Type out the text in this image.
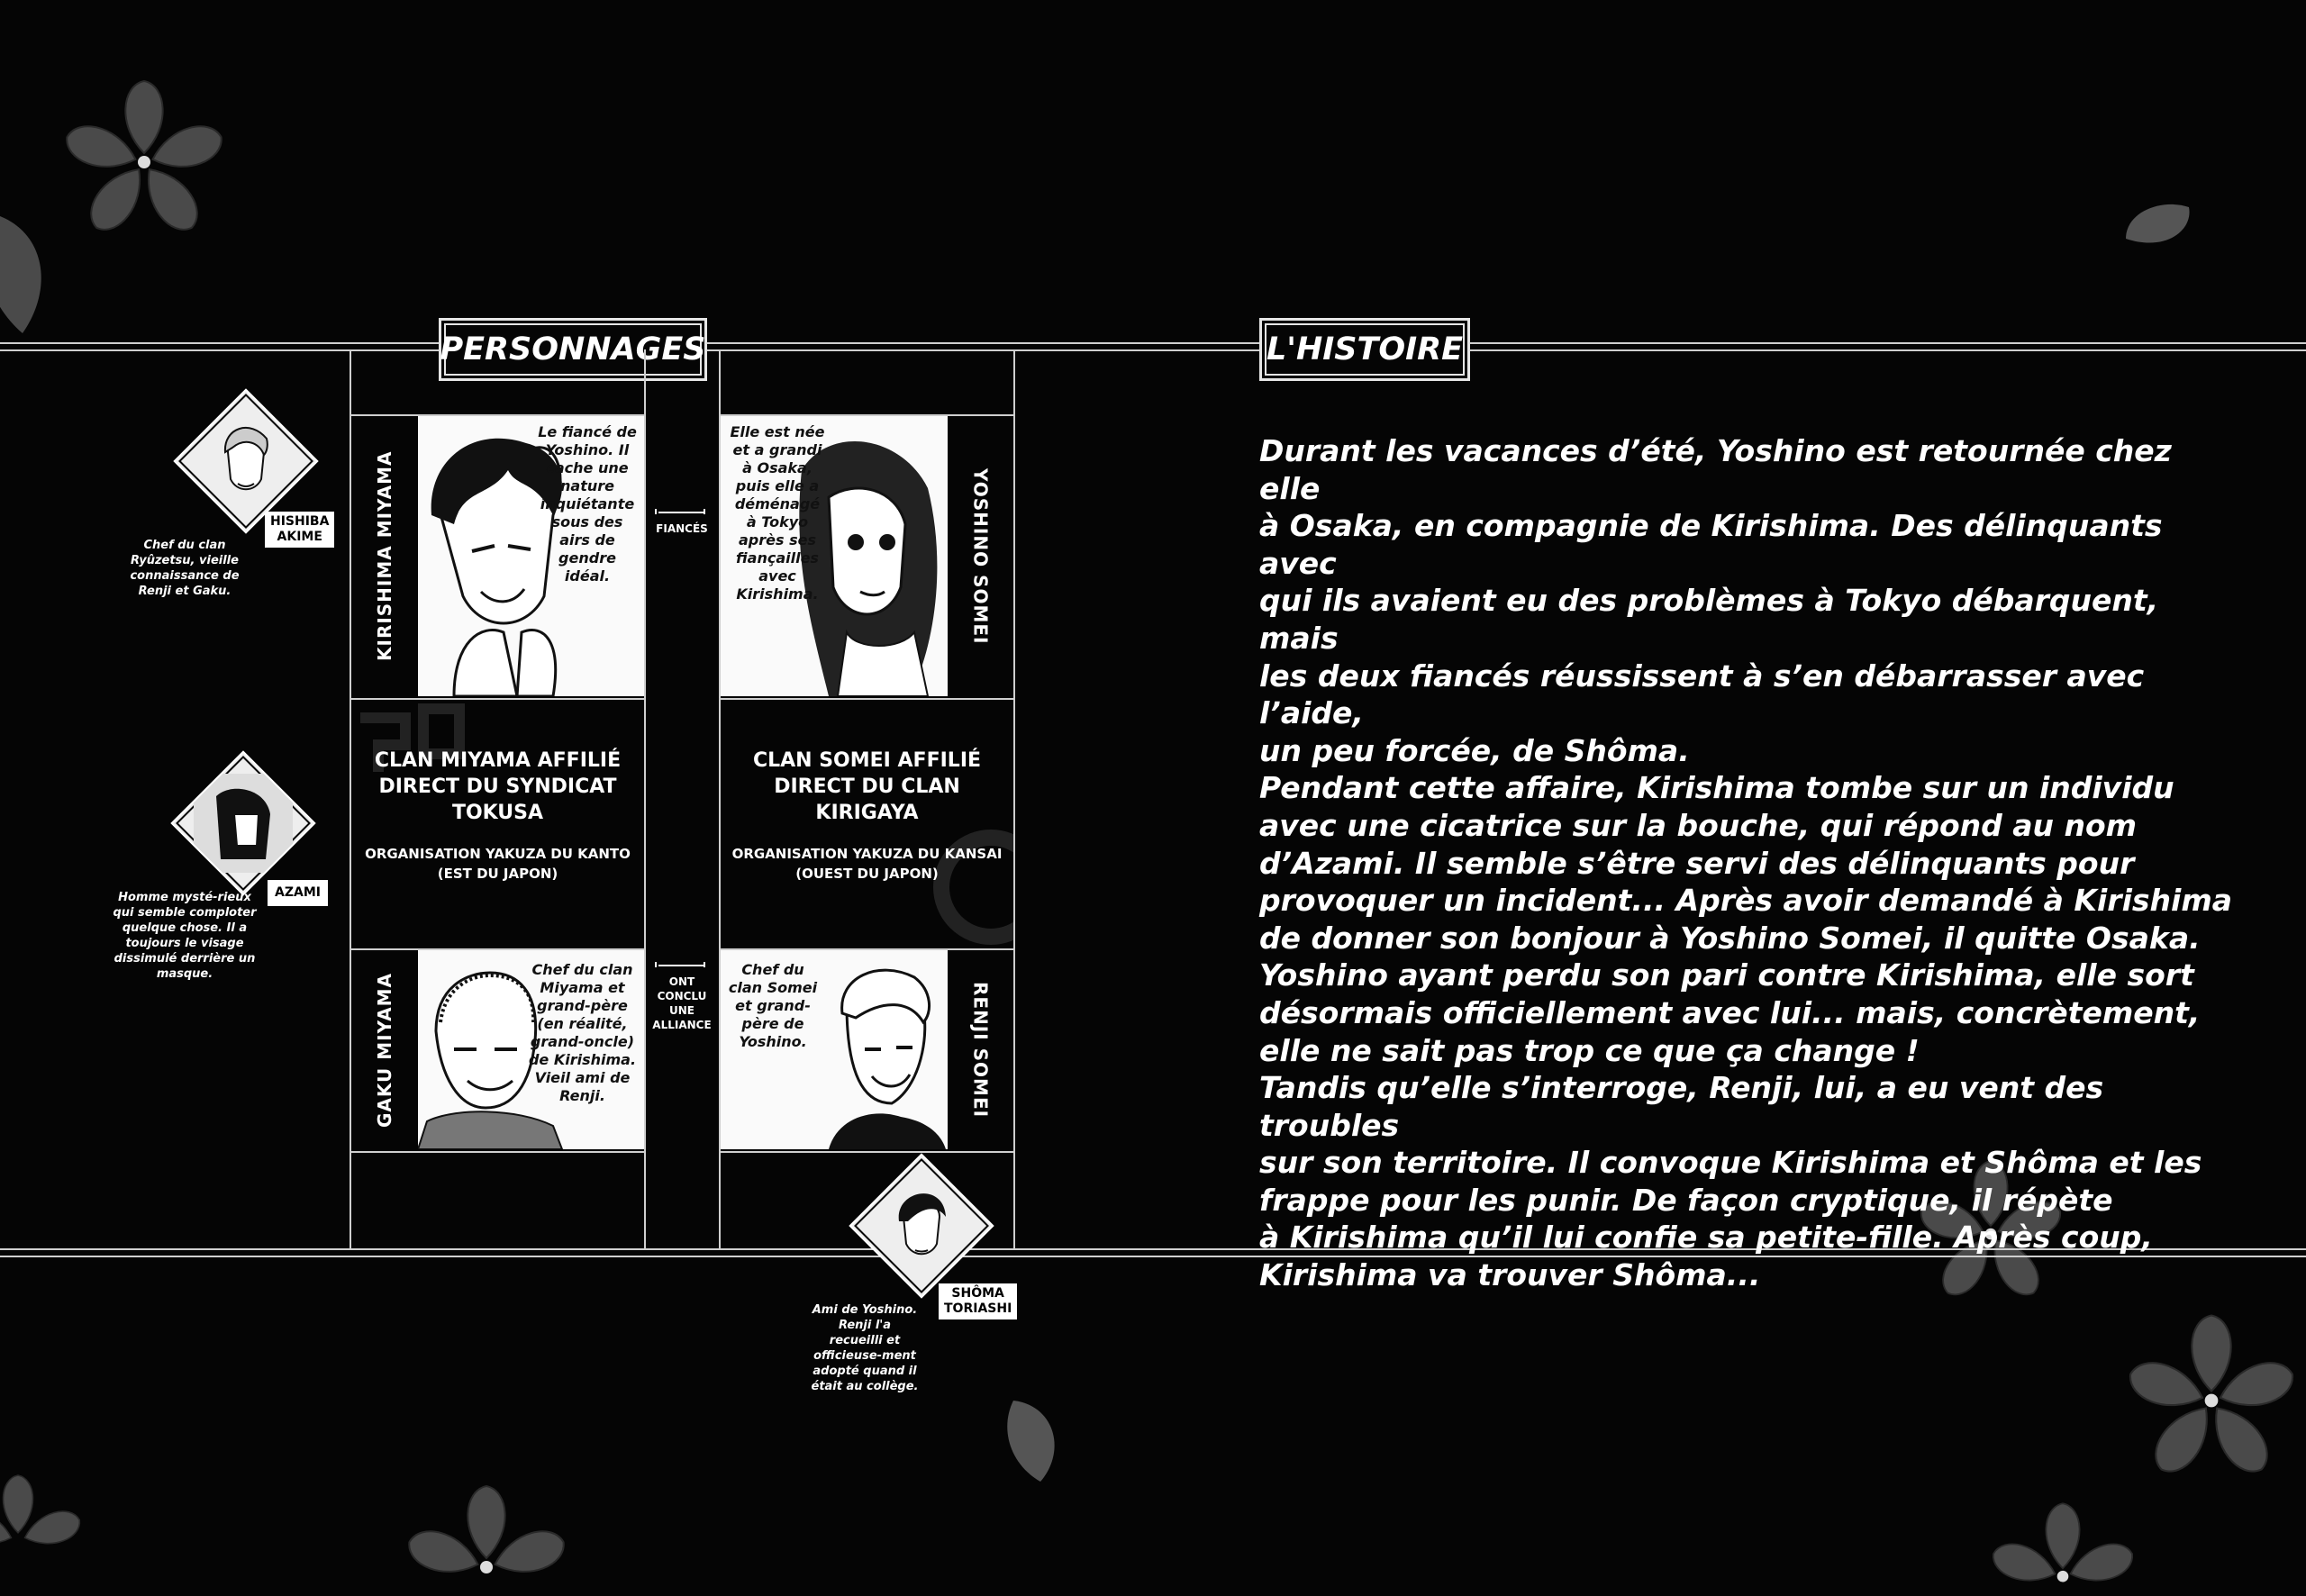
PERSONNAGES	L'HISTOIRE
KIRISHIMA MIYAMA
Le fiancé de Yoshino. Il cache une nature inquiétante sous des airs de gendre idéal.
Elle est née et a grandi à Osaka, puis elle a déménagé à Tokyo après ses fiançailles avec Kirishima.	YOSHINO SOMEI
FIANCÉS
CLAN MIYAMA AFFILIÉ DIRECT DU SYNDICAT TOKUSA
ORGANISATION YAKUZA DU KANTO (EST DU JAPON)
CLAN SOMEI AFFILIÉ DIRECT DU CLAN KIRIGAYA
ORGANISATION YAKUZA DU KANSAI (OUEST DU JAPON)
GAKU MIYAMA
Chef du clan Miyama et grand-père (en réalité, grand-oncle) de Kirishima. Vieil ami de Renji.
Chef du clan Somei et grand-père de Yoshino.	RENJI SOMEI
ONT CONCLU UNE ALLIANCE
HISHIBA
AKIME
Chef du clan Ryûzetsu, vieille connaissance de Renji et Gaku.
AZAMI
Homme mysté-rieux qui semble comploter quelque chose. Il a toujours le visage dissimulé derrière un masque.
SHÔMA
TORIASHI
Ami de Yoshino. Renji l'a recueilli et officieuse-ment adopté quand il était au collège.
Durant les vacances d’été, Yoshino est retournée chez elle
à Osaka, en compagnie de Kirishima. Des délinquants avec
qui ils avaient eu des problèmes à Tokyo débarquent, mais
les deux fiancés réussissent à s’en débarrasser avec l’aide,
un peu forcée, de Shôma.
Pendant cette affaire, Kirishima tombe sur un individu
avec une cicatrice sur la bouche, qui répond au nom
d’Azami. Il semble s’être servi des délinquants pour
provoquer un incident... Après avoir demandé à Kirishima
de donner son bonjour à Yoshino Somei, il quitte Osaka.
Yoshino ayant perdu son pari contre Kirishima, elle sort
désormais officiellement avec lui... mais, concrètement,
elle ne sait pas trop ce que ça change !
Tandis qu’elle s’interroge, Renji, lui, a eu vent des troubles
sur son territoire. Il convoque Kirishima et Shôma et les
frappe pour les punir. De façon cryptique, il répète
à Kirishima qu’il lui confie sa petite-fille. Après coup,
Kirishima va trouver Shôma...
